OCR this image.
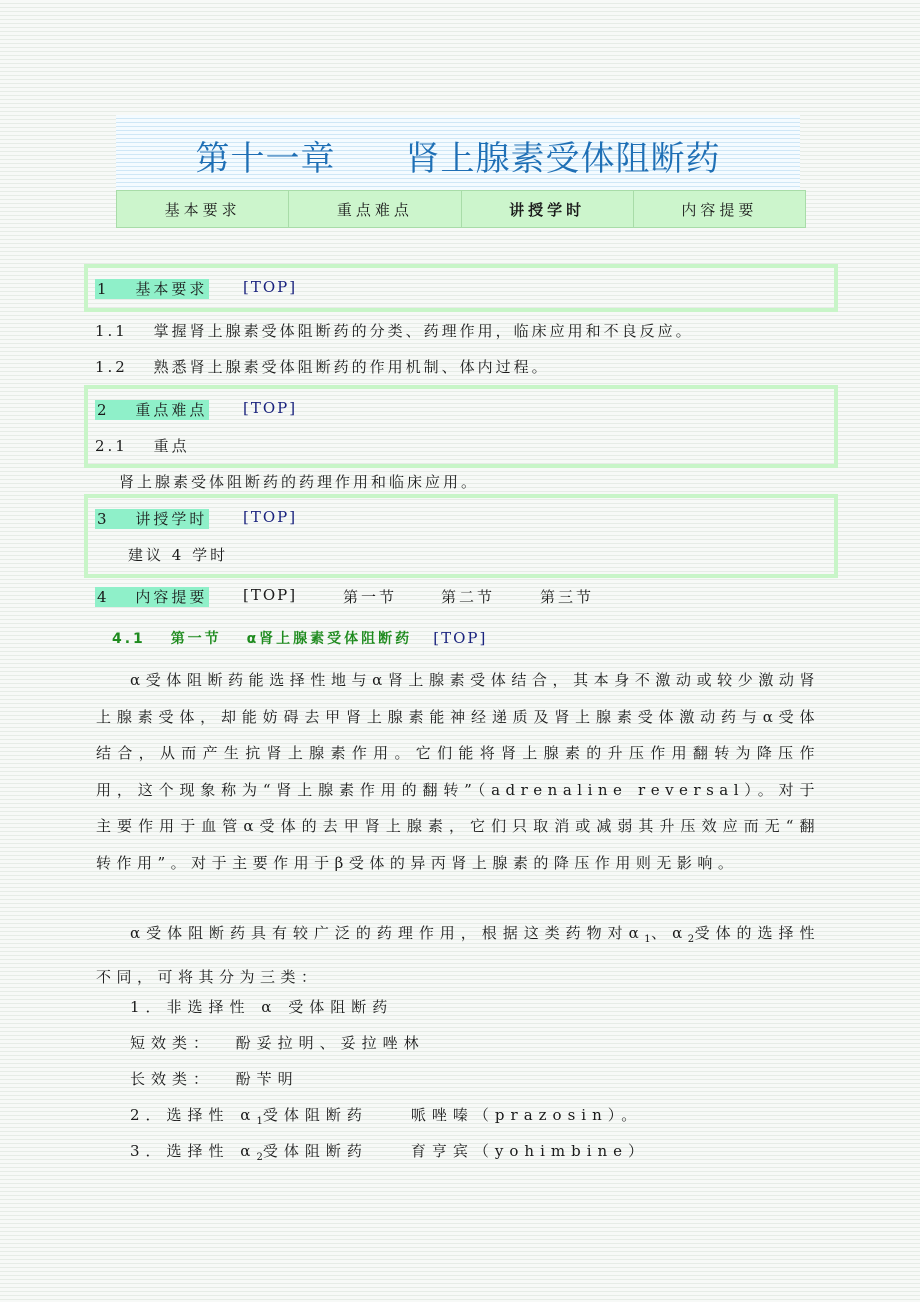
第十一章　　肾上腺素受体阻断药
基本要求	重点难点	讲授学时	内容提要
1　 基本要求 [TOP]
1.1　 掌握肾上腺素受体阻断药的分类、药理作用，临床应用和不良反应。
1.2　 熟悉肾上腺素受体阻断药的作用机制、体内过程。
2　 重点难点 [TOP]
2.1　 重点
肾上腺素受体阻断药的药理作用和临床应用。
3　 讲授学时 [TOP]
建议 4 学时
4　 内容提要 [TOP]	第一节	第二节	第三节
4.1　 第一节　 α肾上腺素受体阻断药 [TOP]
α受体阻断药能选择性地与α肾上腺素受体结合，其本身不激动或较少激动肾上腺素受体，却能妨碍去甲肾上腺素能神经递质及肾上腺素受体激动药与α受体结合，从而产生抗肾上腺素作用。它们能将肾上腺素的升压作用翻转为降压作用，这个现象称为“肾上腺素作用的翻转”（adrenaline reversal）。对于主要作用于血管α受体的去甲肾上腺素，它们只取消或减弱其升压效应而无“翻转作用”。对于主要作用于β受体的异丙肾上腺素的降压作用则无影响。
α受体阻断药具有较广泛的药理作用，根据这类药物对$\alpha_1$、$\alpha_2$受体的选择性不同，可将其分为三类：
1．非选择性 α 受体阻断药
短效类： 酚妥拉明、妥拉唑林
长效类： 酚苄明
2．选择性 $\alpha_1$受体阻断药	哌唑嗪（prazosin）。
3．选择性 $\alpha_2$受体阻断药	育亨宾（yohimbine）
